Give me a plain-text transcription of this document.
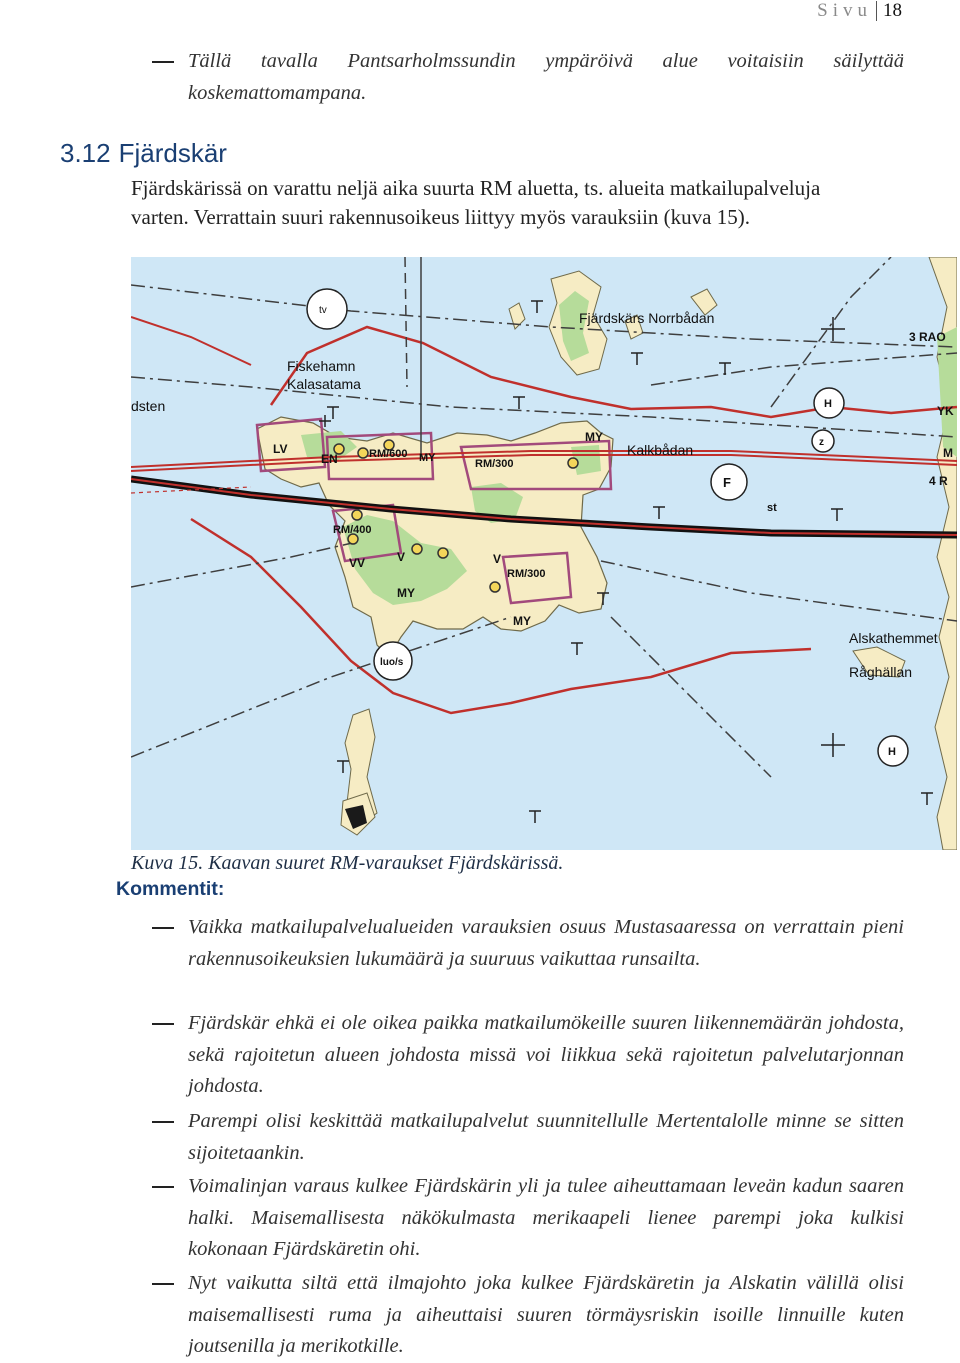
Sivu 18
Tällä tavalla Pantsarholmssundin ympäröivä alue voitaisiin säilyttää koskemattomampana.
3.12 Fjärdskär
Fjärdskärissä on varattu neljä aika suurta RM aluetta, ts. alueita matkailupalveluja varten. Verrattain suuri rakennusoikeus liittyy myös varauksiin (kuva 15).
tv	Fjärdskärs Norrbådan
Fiskehamn
Kalasatama
dsten
Kalkbådan
LV
EN	RM/600 MY	RM/300
MY
RM/400
RM/300
VV	V	V
MY
MY
luo/s
H
z
F
st
H
3 RAO
YK
M
4 R
Alskathemmet
Råghällan
Kuva 15. Kaavan suuret RM-varaukset Fjärdskärissä.
Kommentit:
Vaikka matkailupalvelualueiden varauksien osuus Mustasaaressa on verrattain pieni rakennusoikeuksien lukumäärä ja suuruus vaikuttaa runsailta.
Fjärdskär ehkä ei ole oikea paikka matkailumökeille suuren liikennemäärän johdosta, sekä rajoitetun alueen johdosta missä voi liikkua sekä rajoitetun palvelutarjonnan johdosta.
Parempi olisi keskittää matkailupalvelut suunnitellulle Mertentalolle minne se sitten sijoitetaankin.
Voimalinjan varaus kulkee Fjärdskärin yli ja tulee aiheuttamaan leveän kadun saaren halki. Maisemallisesta näkökulmasta merikaapeli lienee parempi joka kulkisi kokonaan Fjärdskäretin ohi.
Nyt vaikutta siltä että ilmajohto joka kulkee Fjärdskäretin ja Alskatin välillä olisi maisemallisesti ruma ja aiheuttaisi suuren törmäysriskin isoille linnuille kuten joutsenilla ja merikotkille.
